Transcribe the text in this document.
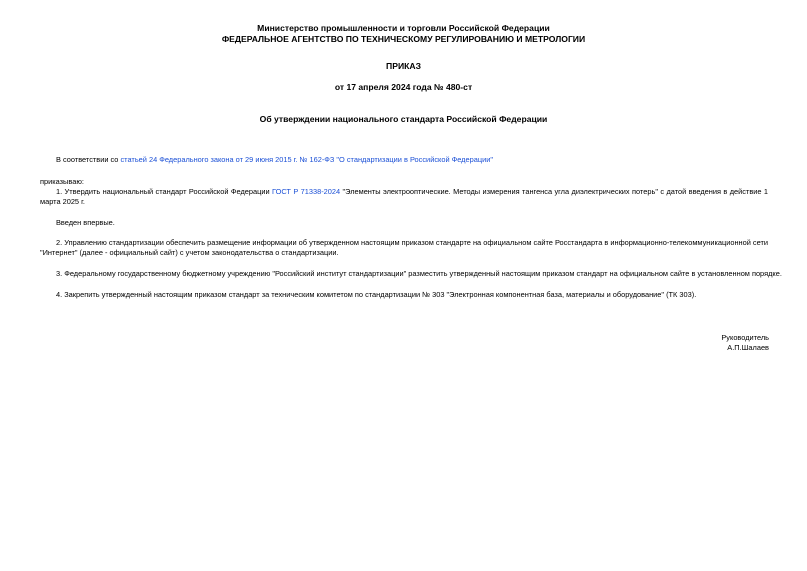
Министерство промышленности и торговли Российской Федерации
ФЕДЕРАЛЬНОЕ АГЕНТСТВО ПО ТЕХНИЧЕСКОМУ РЕГУЛИРОВАНИЮ И МЕТРОЛОГИИ
ПРИКАЗ
от 17 апреля 2024 года № 480-ст
Об утверждении национального стандарта Российской Федерации
В соответствии со статьей 24 Федерального закона от 29 июня 2015 г. № 162-ФЗ "О стандартизации в Российской Федерации"
приказываю:
1. Утвердить национальный стандарт Российской Федерации ГОСТ Р 71338-2024 "Элементы электрооптические. Методы измерения тангенса угла диэлектрических потерь" с датой введения в действие 1 марта 2025 г.
Введен впервые.
2. Управлению стандартизации обеспечить размещение информации об утвержденном настоящим приказом стандарте на официальном сайте Росстандарта в информационно-телекоммуникационной сети "Интернет" (далее - официальный сайт) с учетом законодательства о стандартизации.
3. Федеральному государственному бюджетному учреждению "Российский институт стандартизации" разместить утвержденный настоящим приказом стандарт на официальном сайте в установленном порядке.
4. Закрепить утвержденный настоящим приказом стандарт за техническим комитетом по стандартизации № 303 "Электронная компонентная база, материалы и оборудование" (ТК 303).
Руководитель
А.П.Шалаев
